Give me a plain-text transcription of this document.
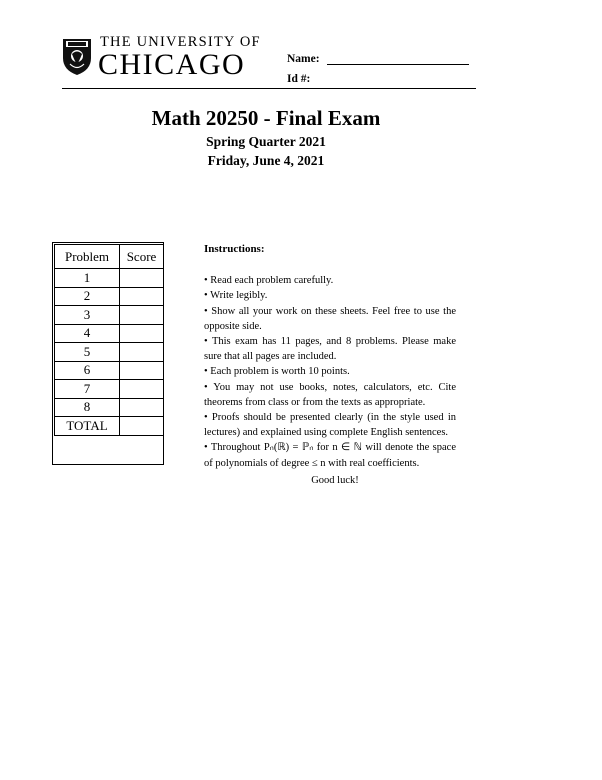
THE UNIVERSITY OF
CHICAGO	Name:
Id #:
Math 20250 - Final Exam
Spring Quarter 2021
Friday, June 4, 2021
Problem	Score
1	
2	
3	
4	
5	
6	
7	
8	
TOTAL	
Instructions:

• Read each problem carefully.

• Write legibly.

• Show all your work on these sheets. Feel free to use the opposite side.

• This exam has 11 pages, and 8 problems. Please make sure that all pages are included.

• Each problem is worth 10 points.

• You may not use books, notes, calculators, etc. Cite theorems from class or from the texts as appropriate.

• Proofs should be presented clearly (in the style used in lectures) and explained using complete English sentences.

• Throughout Pₙ(ℝ) = ℙₙ for n ∈ ℕ will denote the space of polynomials of degree ≤ n with real coefficients.

Good luck!
